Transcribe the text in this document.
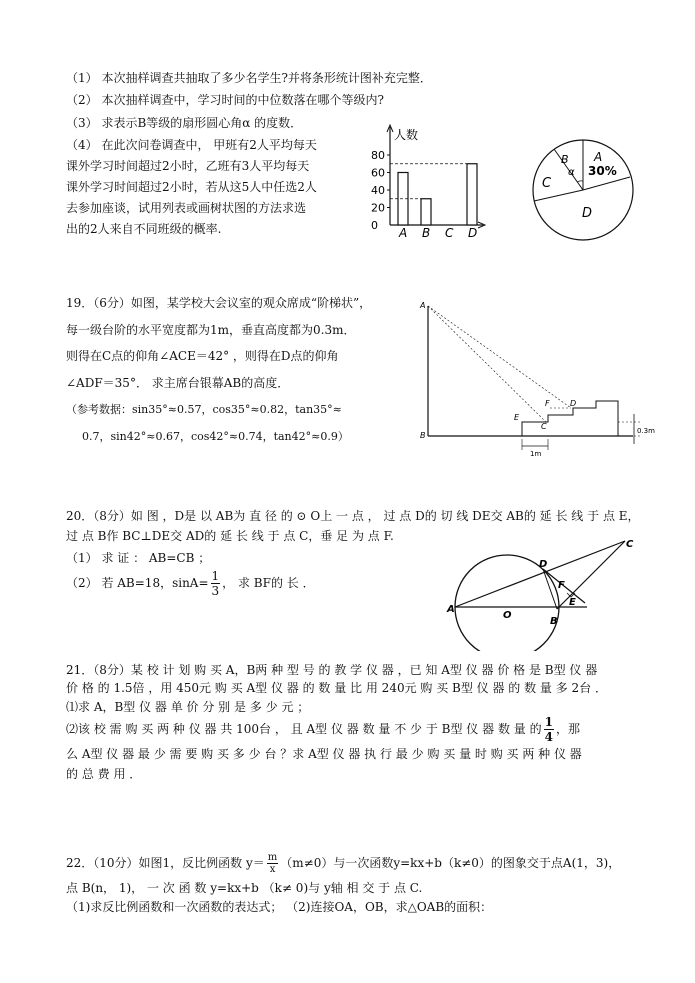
（1） 本次抽样调查共抽取了多少名学生?并将条形统计图补充完整．
（2） 本次抽样调查中，学习时间的中位数落在哪个等级内?
（3） 求表示B等级的扇形圆心角α 的度数．
（4） 在此次问卷调查中， 甲班有2人平均每天
课外学习时间超过2小时，乙班有3人平均每天
课外学习时间超过2小时，若从这5人中任选2人
去参加座谈，试用列表或画树状图的方法求选
出的2人来自不同班级的概率.
人数
0
20
40
60
80
A B C D
A
30%
B
α
C
D
19．（6分）如图，某学校大会议室的观众席成“阶梯状”，
每一级台阶的水平宽度都为1m，垂直高度都为0.3m．
则得在C点的仰角∠ACE＝42° ，则得在D点的仰角
∠ADF＝35°． 求主席台银幕AB的高度．
（参考数据：sin35°≈0.57，cos35°≈0.82，tan35°≈
0.7，sin42°≈0.67，cos42°≈0.74，tan42°≈0.9）
A
B
E
C
F	D
0.3m
1m
20．（8分）如 图 ，D是 以 AB为 直 径 的 ⊙ O上 一 点 ， 过 点 D的 切 线 DE交 AB的 延 长 线 于 点 E，
过 点 B作 BC⊥DE交 AD的 延 长 线 于 点 C，垂 足 为 点 F.
（1） 求 证 ： AB=CB ；
（2） 若 AB=18，$\sin A= \frac{1}{3}$ ， 求 BF的 长 ．
A
O
B
C
D
F
E
21．（8分）某 校 计 划 购 买 A，B两 种 型 号 的 教 学 仪 器 ，已 知 A型 仪 器 价 格 是 B型 仪 器
价 格 的 1.5倍 ，用 450元 购 买 A型 仪 器 的 数 量 比 用 240元 购 买 B型 仪 器 的 数 量 多 2台 ．
⑴求 A，B型 仪 器 单 价 分 别 是 多 少 元 ；
⑵该 校 需 购 买 两 种 仪 器 共 100台 ， 且 A型 仪 器 数 量 不 少 于 B型 仪 器 数 量 的 $\frac{1}{4}$ ，那
么 A型 仪 器 最 少 需 要 购 买 多 少 台 ？求 A型 仪 器 执 行 最 少 购 买 量 时 购 买 两 种 仪 器
的 总 费 用 ．
22．（10分）如图1，反比例函数 $y= \frac{m}{x} (m\ne 0)$与一次函数y=kx+b（k≠0）的图象交于点A(1，3)，
点 B(n， 1)， 一 次 函 数 y=kx+b （k≠ 0)与 y轴 相 交 于 点 C.
（1)求反比例函数和一次函数的表达式； （2)连接OA，OB，求△OAB的面积：
